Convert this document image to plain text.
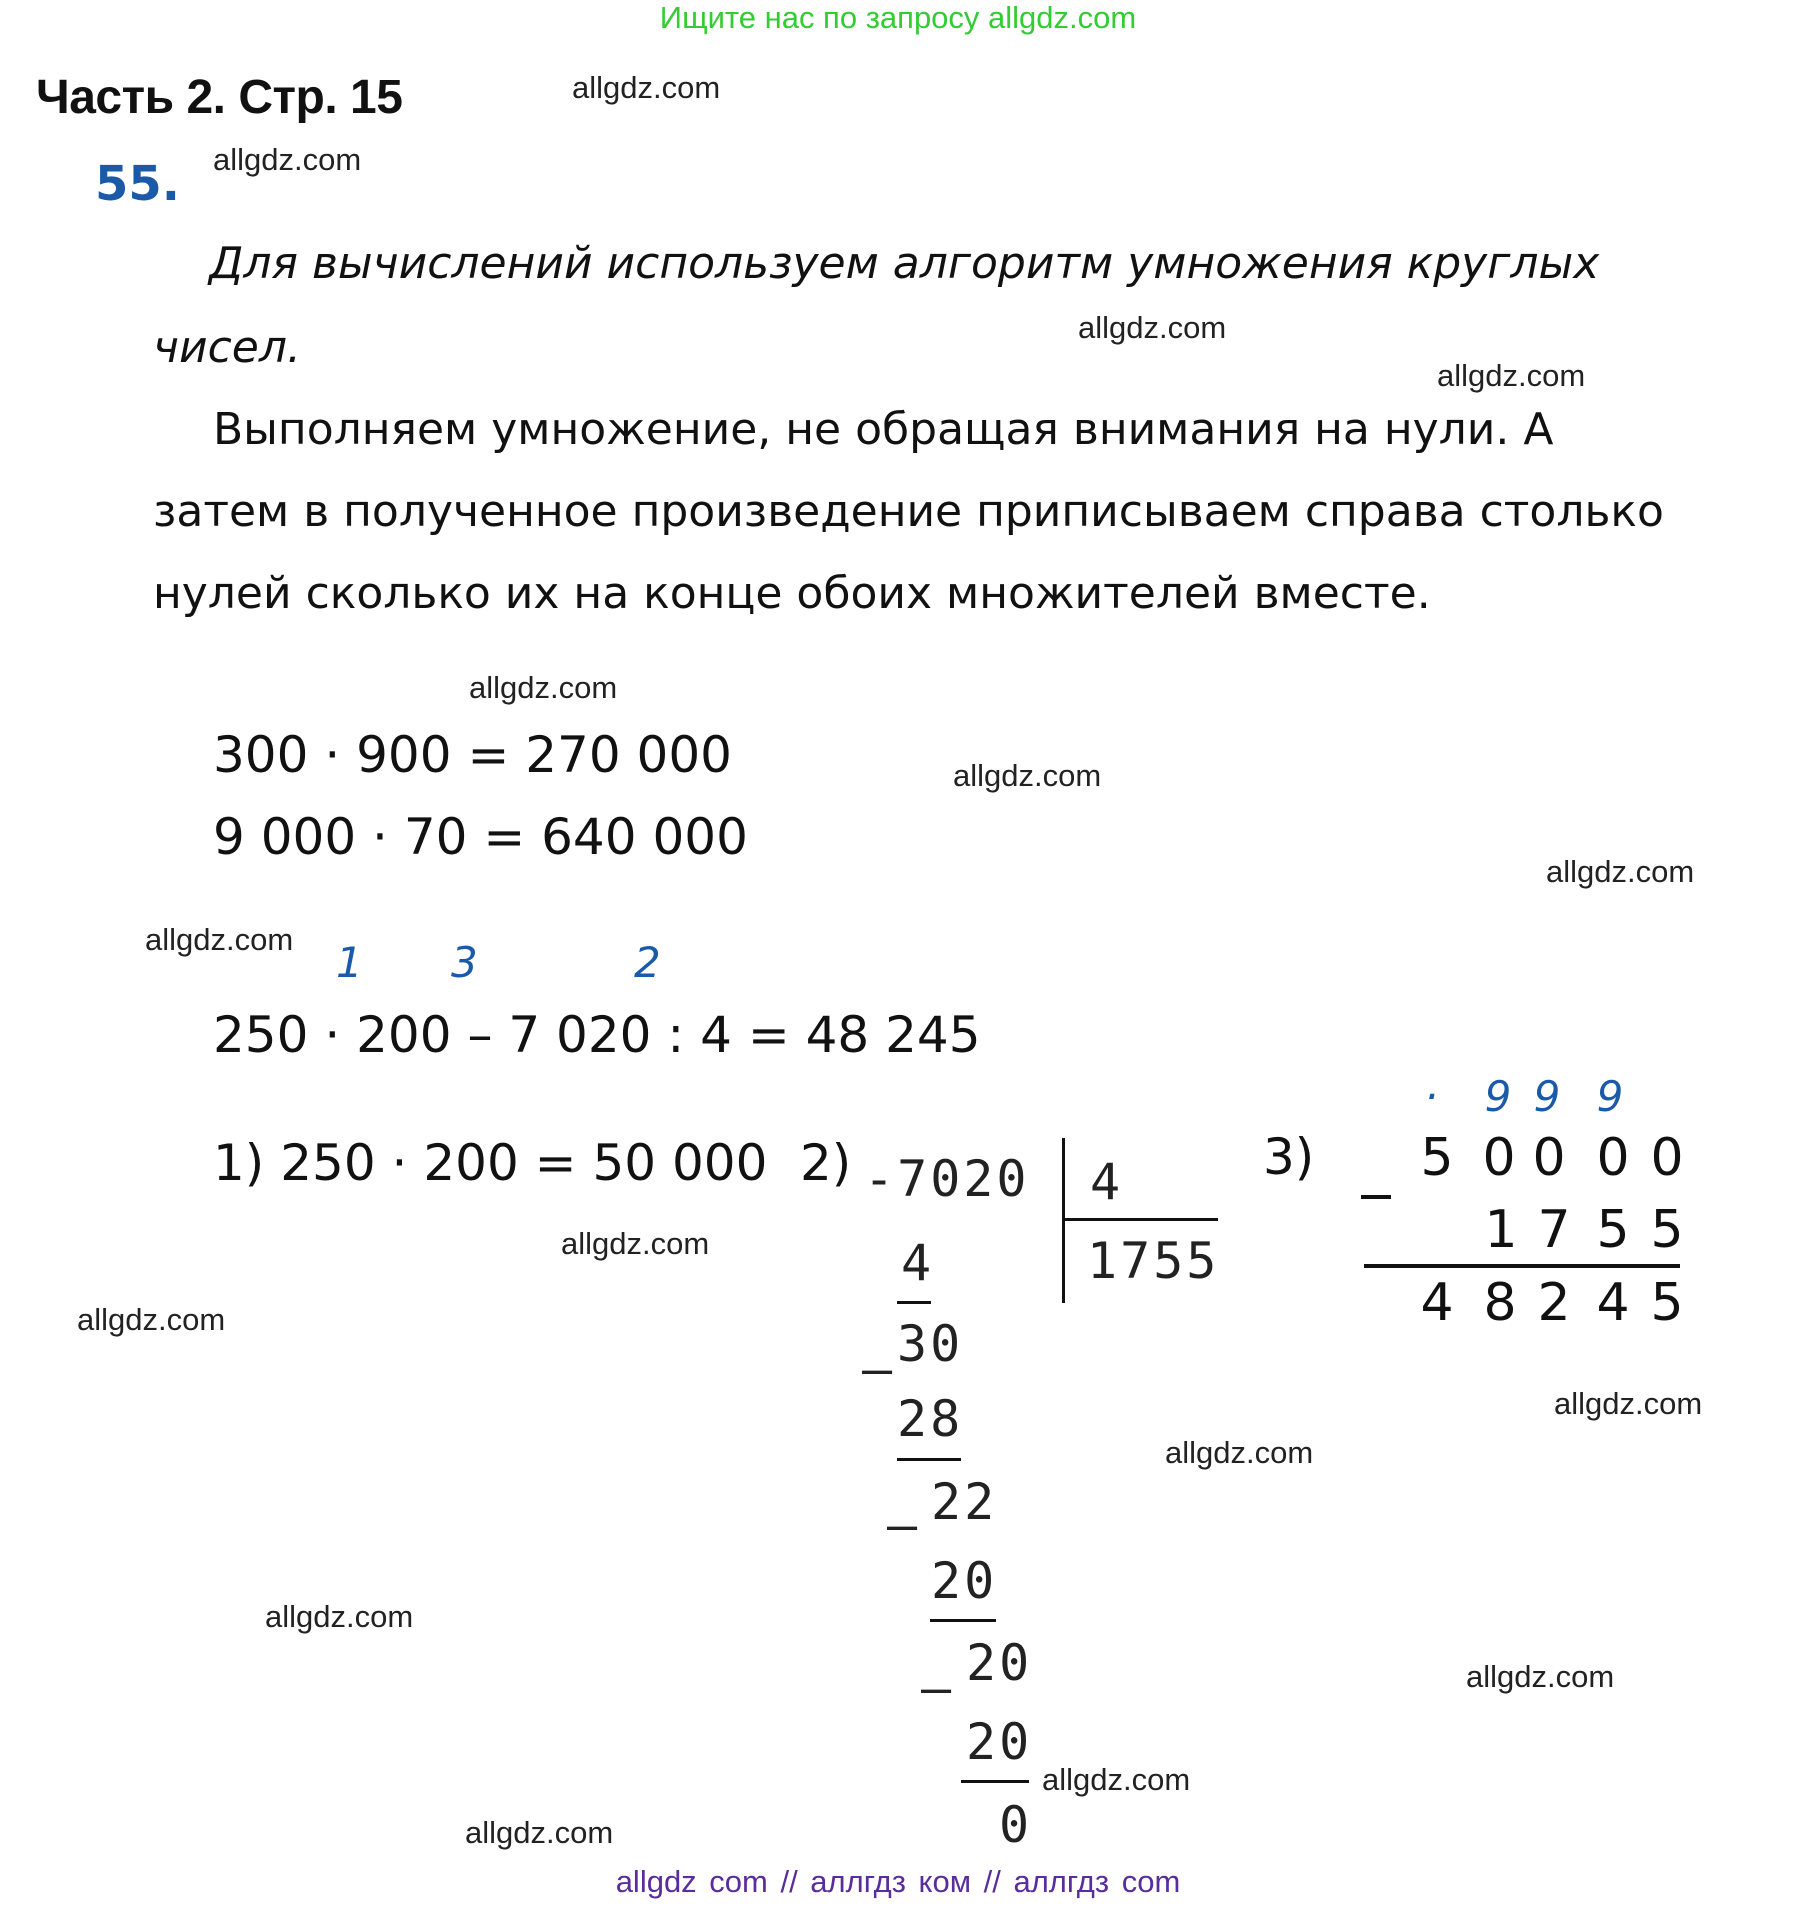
Ищите нас по запросу allgdz.com
Часть 2. Стр. 15
55.
Для вычислений используем алгоритм умножения круглых
чисел.
Выполняем умножение, не обращая внимания на нули. А
затем в полученное произведение приписываем справа столько
нулей сколько их на конце обоих множителей вместе.
300 · 900 = 270 000
9 000 · 70 = 640 000
1 3	2
250 · 200 – 7 020 : 4 = 48 245
1) 250 · 200 = 50 000 2) -7020 4
1755
4
30
–
28
22
–
20
20
–
20
0
3)
· 9 9 9
5 0 0 0 0
1 7 5 5
4 8 2 4 5
allgdz.com
allgdz.com
allgdz.com
allgdz.com
allgdz.com
allgdz.com
allgdz.com
allgdz.com
allgdz.com
allgdz.com
allgdz.com
allgdz.com
allgdz.com
allgdz.com
allgdz.com
allgdz.com
allgdz com // аллгдз ком // аллгдз com
